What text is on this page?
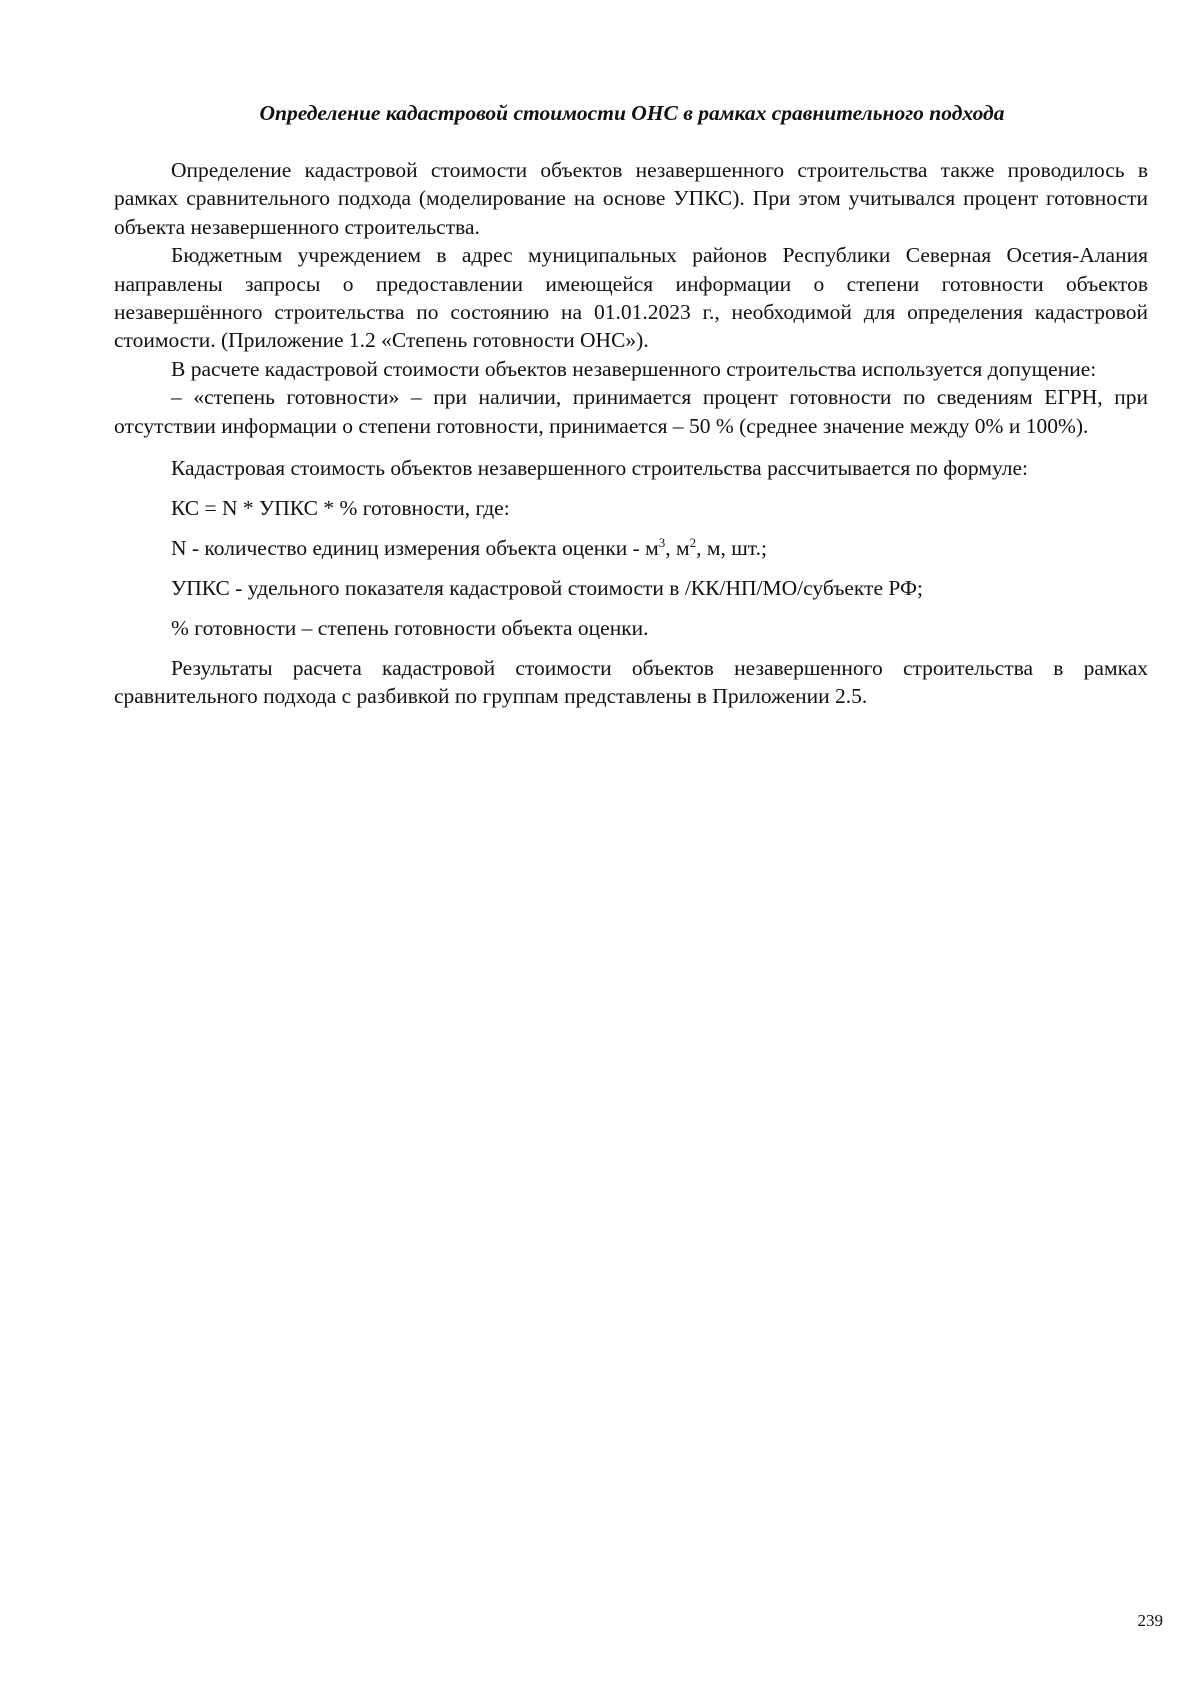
Определение кадастровой стоимости ОНС в рамках сравнительного подхода

Определение кадастровой стоимости объектов незавершенного строительства также проводилось в рамках сравнительного подхода (моделирование на основе УПКС). При этом учитывался процент готовности объекта незавершенного строительства.

Бюджетным учреждением в адрес муниципальных районов Республики Северная Осетия-Алания направлены запросы о предоставлении имеющейся информации о степени готовности объектов незавершённого строительства по состоянию на 01.01.2023 г., необходимой для определения кадастровой стоимости. (Приложение 1.2 «Степень готовности ОНС»).

В расчете кадастровой стоимости объектов незавершенного строительства используется допущение:

– «степень готовности» – при наличии, принимается процент готовности по сведениям ЕГРН, при отсутствии информации о степени готовности, принимается – 50 % (среднее значение между 0% и 100%).

Кадастровая стоимость объектов незавершенного строительства рассчитывается по формуле:

КС = N * УПКС * % готовности, где:

N - количество единиц измерения объекта оценки - $м^3$, $м^2$, м, шт.;

УПКС - удельного показателя кадастровой стоимости в /КК/НП/МО/субъекте РФ;

% готовности – степень готовности объекта оценки.

Результаты расчета кадастровой стоимости объектов незавершенного строительства в рамках сравнительного подхода с разбивкой по группам представлены в Приложении 2.5.

239
